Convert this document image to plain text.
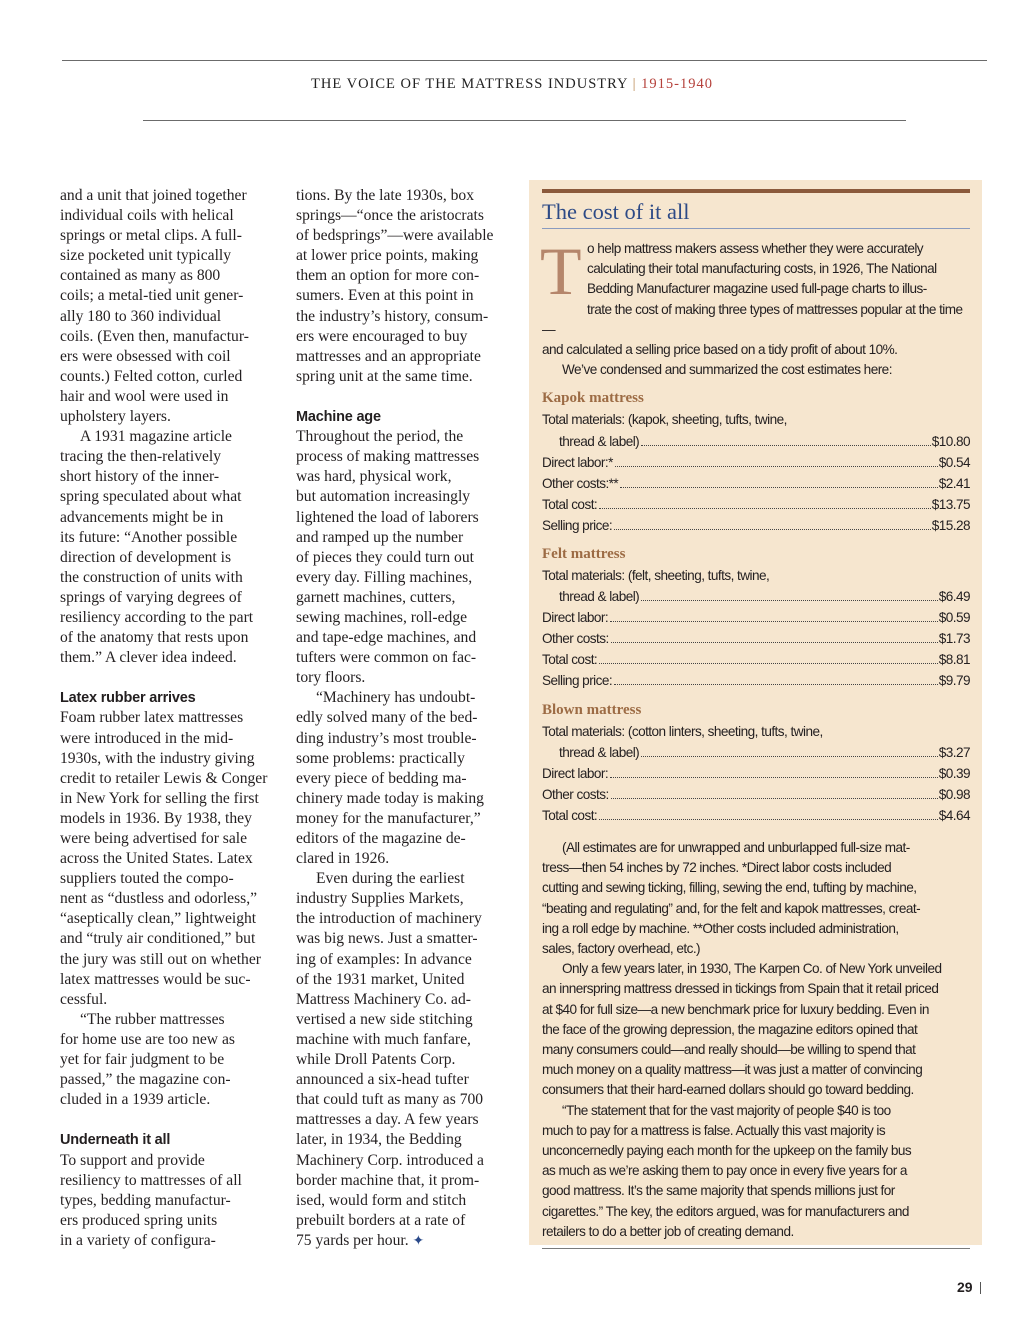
THE VOICE OF THE MATTRESS INDUSTRY | 1915-1940

and a unit that joined together
individual coils with helical
springs or metal clips. A full-
size pocketed unit typically
contained as many as 800
coils; a metal-tied unit gener-
ally 180 to 360 individual
coils. (Even then, manufactur-
ers were obsessed with coil
counts.) Felted cotton, curled
hair and wool were used in
upholstery layers.

A 1931 magazine article
tracing the then-relatively
short history of the inner-
spring speculated about what
advancements might be in
its future: “Another possible
direction of development is
the construction of units with
springs of varying degrees of
resiliency according to the part
of the anatomy that rests upon
them.” A clever idea indeed.

Latex rubber arrives

Foam rubber latex mattresses
were introduced in the mid-
1930s, with the industry giving
credit to retailer Lewis & Conger
in New York for selling the first
models in 1936. By 1938, they
were being advertised for sale
across the United States. Latex
suppliers touted the compo-
nent as “dustless and odorless,”
“aseptically clean,” lightweight
and “truly air conditioned,” but
the jury was still out on whether
latex mattresses would be suc-
cessful.

“The rubber mattresses
for home use are too new as
yet for fair judgment to be
passed,” the magazine con-
cluded in a 1939 article.

Underneath it all

To support and provide
resiliency to mattresses of all
types, bedding manufactur-
ers produced spring units
in a variety of configura-

tions. By the late 1930s, box
springs—“once the aristocrats
of bedsprings”—were available
at lower price points, making
them an option for more con-
sumers. Even at this point in
the industry’s history, consum-
ers were encouraged to buy
mattresses and an appropriate
spring unit at the same time.

Machine age

Throughout the period, the
process of making mattresses
was hard, physical work,
but automation increasingly
lightened the load of laborers
and ramped up the number
of pieces they could turn out
every day. Filling machines,
garnett machines, cutters,
sewing machines, roll-edge
and tape-edge machines, and
tufters were common on fac-
tory floors.

“Machinery has undoubt-
edly solved many of the bed-
ding industry’s most trouble-
some problems: practically
every piece of bedding ma-
chinery made today is making
money for the manufacturer,”
editors of the magazine de-
clared in 1926.

Even during the earliest
industry Supplies Markets,
the introduction of machinery
was big news. Just a smatter-
ing of examples: In advance
of the 1931 market, United
Mattress Machinery Co. ad-
vertised a new side stitching
machine with much fanfare,
while Droll Patents Corp.
announced a six-head tufter
that could tuft as many as 700
mattresses a day. A few years
later, in 1934, the Bedding
Machinery Corp. introduced a
border machine that, it prom-
ised, would form and stitch
prebuilt borders at a rate of
75 yards per hour. ✦

The cost of it all

To help mattress makers assess whether they were accurately
calculating their total manufacturing costs, in 1926, The National
Bedding Manufacturer magazine used full-page charts to illus-
trate the cost of making three types of mattresses popular at the time—
and calculated a selling price based on a tidy profit of about 10%.

We’ve condensed and summarized the cost estimates here:

Kapok mattress
Total materials: (kapok, sheeting, tufts, twine,
thread & label)	$10.80
Direct labor:*	$0.54
Other costs:**	$2.41
Total cost:	$13.75
Selling price:	$15.28
Felt mattress
Total materials: (felt, sheeting, tufts, twine,
thread & label)	$6.49
Direct labor:	$0.59
Other costs:	$1.73
Total cost:	$8.81
Selling price:	$9.79
Blown mattress
Total materials: (cotton linters, sheeting, tufts, twine,
thread & label)	$3.27
Direct labor:	$0.39
Other costs:	$0.98
Total cost:	$4.64

(All estimates are for unwrapped and unburlapped full-size mat-
tress—then 54 inches by 72 inches. *Direct labor costs included
cutting and sewing ticking, filling, sewing the end, tufting by machine,
“beating and regulating” and, for the felt and kapok mattresses, creat-
ing a roll edge by machine. **Other costs included administration,
sales, factory overhead, etc.)

Only a few years later, in 1930, The Karpen Co. of New York unveiled
an innerspring mattress dressed in tickings from Spain that it retail priced
at $40 for full size—a new benchmark price for luxury bedding. Even in
the face of the growing depression, the magazine editors opined that
many consumers could—and really should—be willing to spend that
much money on a quality mattress—it was just a matter of convincing
consumers that their hard-earned dollars should go toward bedding.

“The statement that for the vast majority of people $40 is too
much to pay for a mattress is false. Actually this vast majority is
unconcernedly paying each month for the upkeep on the family bus
as much as we’re asking them to pay once in every five years for a
good mattress. It’s the same majority that spends millions just for
cigarettes.” The key, the editors argued, was for manufacturers and
retailers to do a better job of creating demand.

29
